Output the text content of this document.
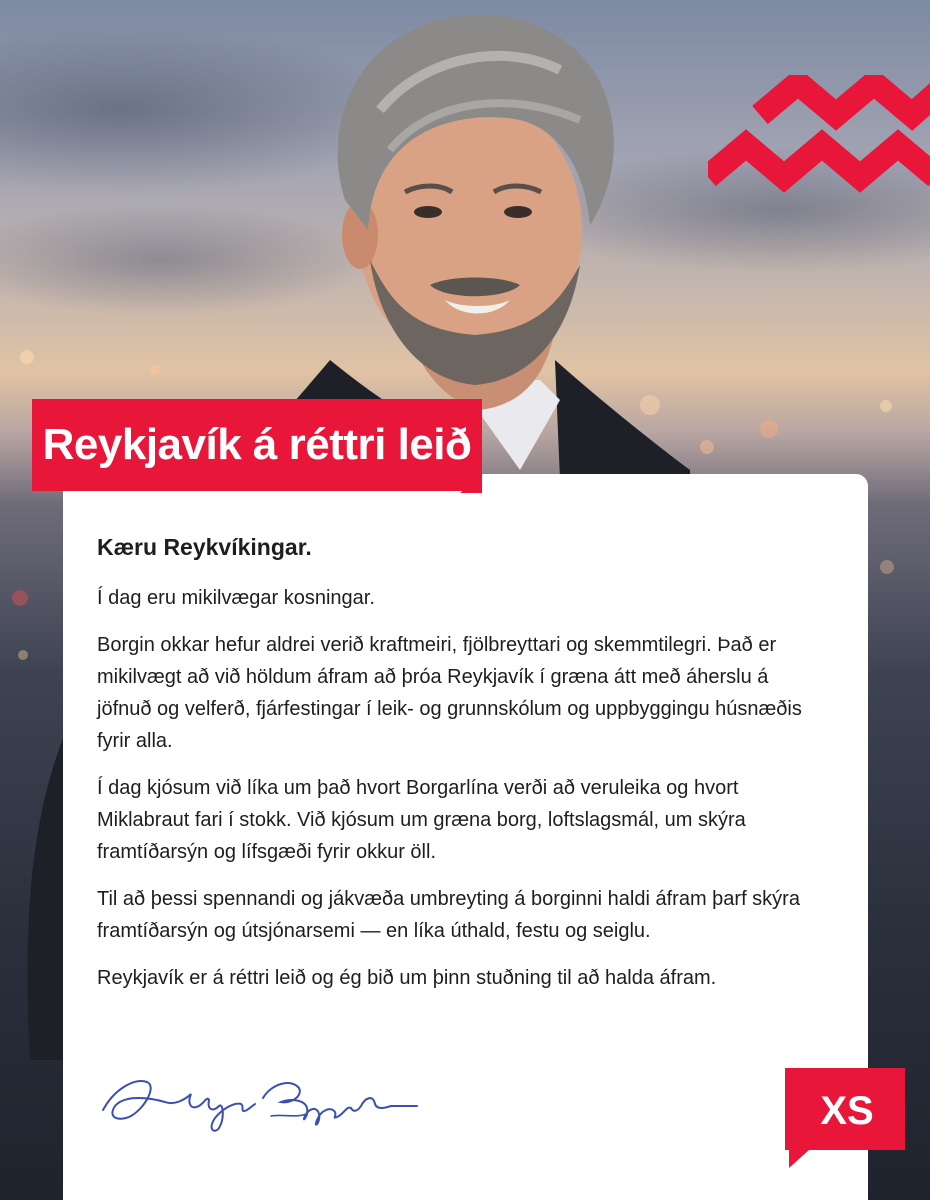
Reykjavík á réttri leið

Kæru Reykvíkingar.

Í dag eru mikilvægar kosningar.

Borgin okkar hefur aldrei verið kraftmeiri, fjölbreyttari og skemmtilegri. Það er mikilvægt að við höldum áfram að þróa Reykjavík í græna átt með áherslu á jöfnuð og velferð, fjárfestingar í leik- og grunnskólum og uppbyggingu húsnæðis fyrir alla.

Í dag kjósum við líka um það hvort Borgarlína verði að veruleika og hvort Miklabraut fari í stokk. Við kjósum um græna borg, loftslagsmál, um skýra framtíðarsýn og lífsgæði fyrir okkur öll.

Til að þessi spennandi og jákvæða umbreyting á borginni haldi áfram þarf skýra framtíðarsýn og útsjónarsemi — en líka úthald, festu og seiglu.

Reykjavík er á réttri leið og ég bið um þinn stuðning til að halda áfram.

XS
